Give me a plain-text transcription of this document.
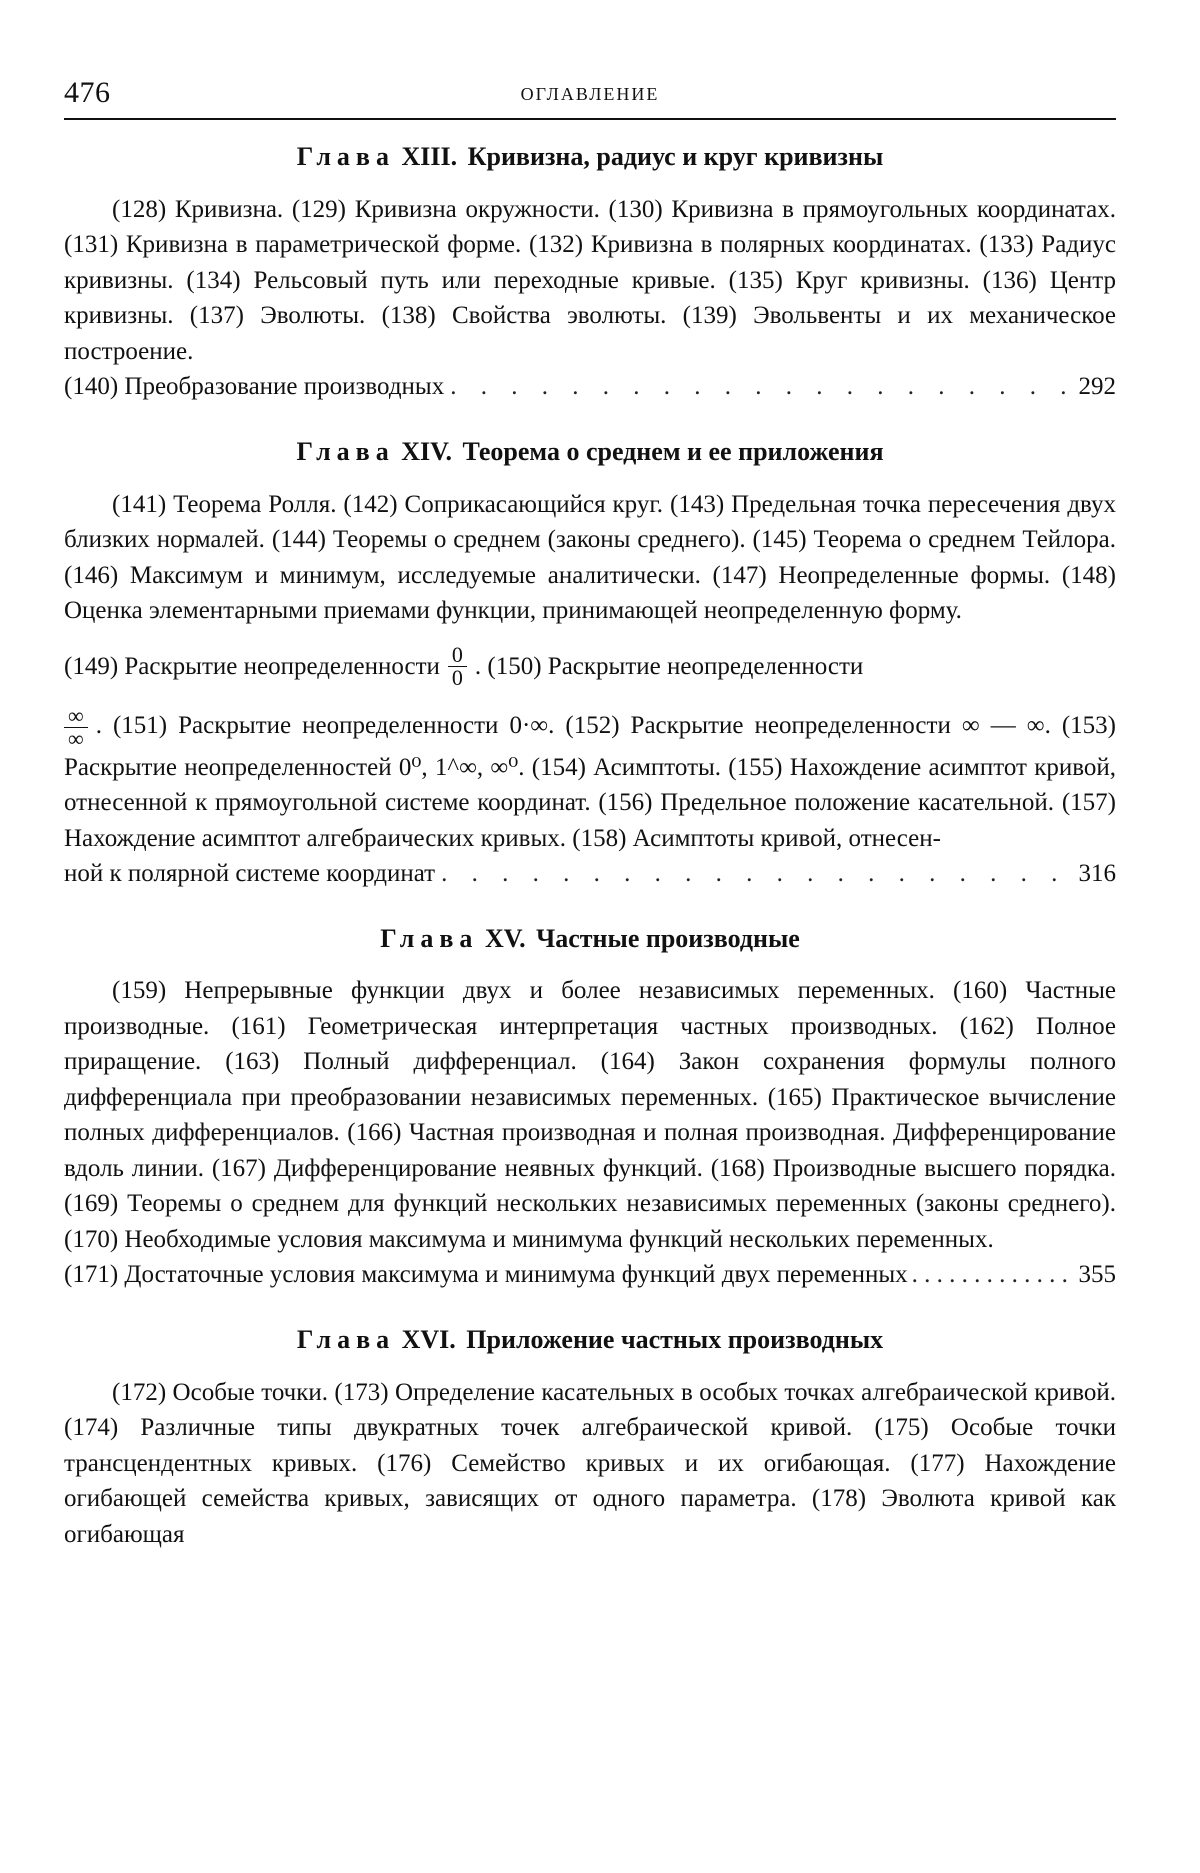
476	ОГЛАВЛЕНИЕ
Глава XIII. Кривизна, радиус и круг кривизны

(128) Кривизна. (129) Кривизна окружности. (130) Кривизна в прямоугольных координатах. (131) Кривизна в параметрической форме. (132) Кривизна в полярных координатах. (133) Радиус кривизны. (134) Рельсовый путь или переходные кривые. (135) Круг кривизны. (136) Центр кривизны. (137) Эволюты. (138) Свойства эволюты. (139) Эвольвенты и их механическое построение.

(140) Преобразование производных . . .	292
Глава XIV. Теорема о среднем и ее приложения

(141) Теорема Ролля. (142) Соприкасающийся круг. (143) Предельная точка пересечения двух близких нормалей. (144) Теоремы о среднем (законы среднего). (145) Теорема о среднем Тейлора. (146) Максимум и минимум, исследуемые аналитически. (147) Неопределенные формы. (148) Оценка элементарными приемами функции, принимающей неопределенную форму.

(149) Раскрытие неопределенности $\frac{0}{0}$ . (150) Раскрытие неопределенности

$\frac{\infty}{\infty}$ . (151) Раскрытие неопределенности 0·∞. (152) Раскрытие неопределенности ∞ — ∞. (153) Раскрытие неопределенностей 0⁰, 1^∞, ∞⁰. (154) Асимптоты. (155) Нахождение асимптот кривой, отнесенной к прямоугольной системе координат. (156) Предельное положение касательной. (157) Нахождение асимптот алгебраических кривых. (158) Асимптоты кривой, отнесен-

ной к полярной системе координат . . .	316
Глава XV. Частные производные

(159) Непрерывные функции двух и более независимых переменных. (160) Частные производные. (161) Геометрическая интерпретация частных производных. (162) Полное приращение. (163) Полный дифференциал. (164) Закон сохранения формулы полного дифференциала при преобразовании независимых переменных. (165) Практическое вычисление полных дифференциалов. (166) Частная производная и полная производная. Дифференцирование вдоль линии. (167) Дифференцирование неявных функций. (168) Производные высшего порядка. (169) Теоремы о среднем для функций нескольких независимых переменных (законы среднего). (170) Необходимые условия максимума и минимума функций нескольких переменных.

(171) Достаточные условия максимума и минимума функций двух переменных . . .	355
Глава XVI. Приложение частных производных

(172) Особые точки. (173) Определение касательных в особых точках алгебраической кривой. (174) Различные типы двукратных точек алгебраической кривой. (175) Особые точки трансцендентных кривых. (176) Семейство кривых и их огибающая. (177) Нахождение огибающей семейства кривых, зависящих от одного параметра. (178) Эволюта кривой как огибающая
